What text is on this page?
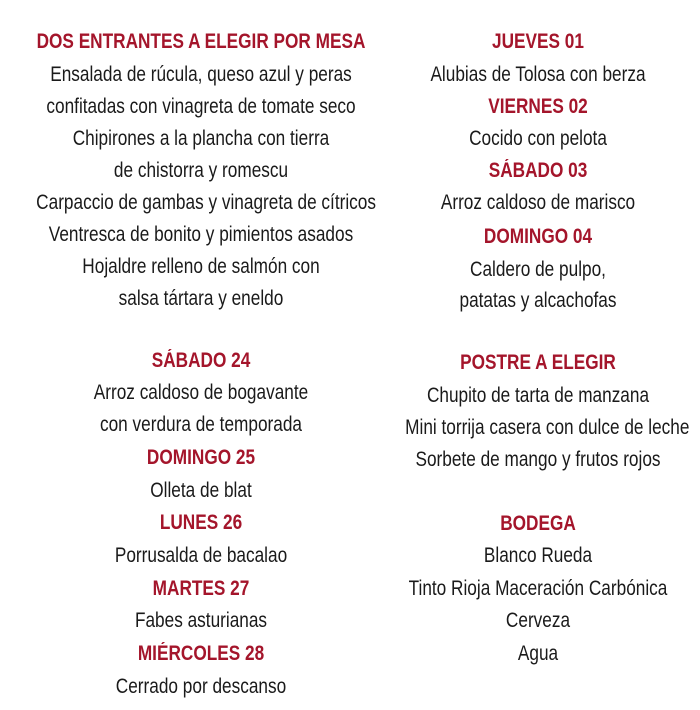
DOS ENTRANTES A ELEGIR POR MESA
Ensalada de rúcula, queso azul y peras
confitadas con vinagreta de tomate seco
Chipirones a la plancha con tierra
de chistorra y romescu
Carpaccio de gambas y vinagreta de cítricos
Ventresca de bonito y pimientos asados
Hojaldre relleno de salmón con
salsa tártara y eneldo
SÁBADO 24
Arroz caldoso de bogavante
con verdura de temporada
DOMINGO 25
Olleta de blat
LUNES 26
Porrusalda de bacalao
MARTES 27
Fabes asturianas
MIÉRCOLES 28
Cerrado por descanso
JUEVES 01
Alubias de Tolosa con berza
VIERNES 02
Cocido con pelota
SÁBADO 03
Arroz caldoso de marisco
DOMINGO 04
Caldero de pulpo,
patatas y alcachofas
POSTRE A ELEGIR
Chupito de tarta de manzana
Mini torrija casera con dulce de leche
Sorbete de mango y frutos rojos
BODEGA
Blanco Rueda
Tinto Rioja Maceración Carbónica
Cerveza
Agua
